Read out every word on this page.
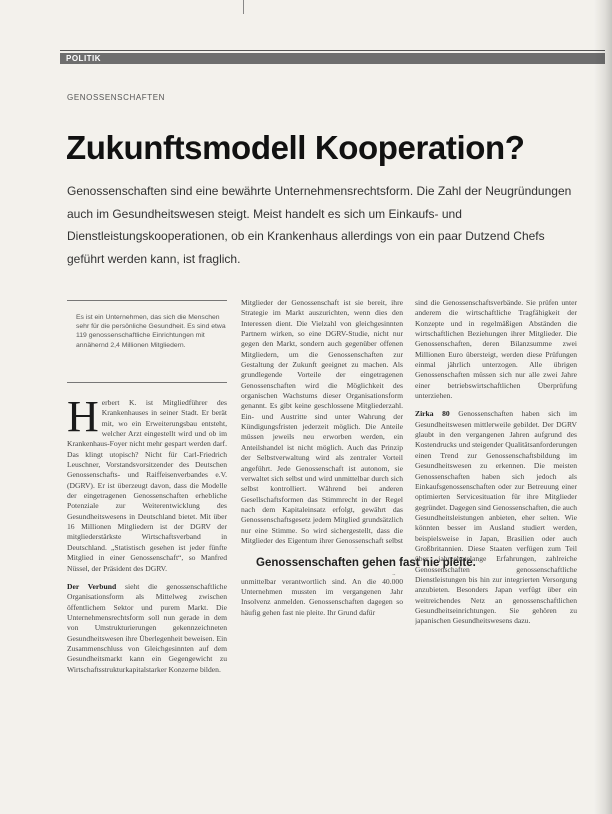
POLITIK
GENOSSENSCHAFTEN
Zukunftsmodell Kooperation?
Genossenschaften sind eine bewährte Unternehmensrechtsform. Die Zahl der Neugründungen auch im Gesundheitswesen steigt. Meist handelt es sich um Einkaufs- und Dienstleistungskooperationen, ob ein Krankenhaus allerdings von ein paar Dutzend Chefs geführt werden kann, ist fraglich.
Es ist ein Unternehmen, das sich die Menschen sehr für die persönliche Gesundheit. Es sind etwa 119 genossenschaftliche Einrichtungen mit annähernd 2,4 Millionen Mitgliedern.

Herbert K. ist Mitgliedführer des Krankenhauses in seiner Stadt. Er berät mit, wo ein Erweiterungsbau entsteht, welcher Arzt eingestellt wird und ob im Krankenhaus-Foyer nicht mehr gespart werden darf. Das klingt utopisch? Nicht für Carl-Friedrich Leuschner, Vorstandsvorsitzender des Deutschen Genossenschafts- und Raiffeisenverbandes e.V. (DGRV). Er ist überzeugt davon, dass die Modelle der eingetragenen Genossenschaften erhebliche Potenziale zur Weiterentwicklung des Gesundheitswesens in Deutschland bietet. Mit über 16 Millionen Mitgliedern ist der DGRV der mitgliederstärkste Wirtschaftsverband in Deutschland. „Statistisch gesehen ist jeder fünfte Mitglied in einer Genossenschaft“, so Manfred Nüssel, der Präsident des DGRV.

Der Verbund sieht die genossenschaftliche Organisationsform als Mittelweg zwischen öffentlichem Sektor und purem Markt. Die Unternehmensrechtsform soll nun gerade in dem von Umstrukturierungen gekennzeichneten Gesundheitswesen ihre Überlegenheit beweisen. Ein Zusammenschluss von Gleichgesinnten auf dem Gesundheitsmarkt kann ein Gegengewicht zu Wirtschaftsstrukturkapitalstarker Konzerne bilden.

Mitglieder der Genossenschaft ist sie bereit, ihre Strategie im Markt auszurichten, wenn dies den Interessen dient. Die Vielzahl von gleichgesinnten Partnern wirken, so eine DGRV-Studie, nicht nur gegen den Markt, sondern auch gegenüber offenen Mitgliedern, um die Genossenschaften zur Gestaltung der Zukunft geeignet zu machen. Als grundlegende Vorteile der eingetragenen Genossenschaften wird die Möglichkeit des organischen Wachstums dieser Organisationsform genannt. Es gibt keine geschlossene Mitgliederzahl. Ein- und Austritte sind unter Wahrung der Kündigungsfristen jederzeit möglich. Die Anteile müssen jeweils neu erworben werden, ein Anteilshandel ist nicht möglich. Auch das Prinzip der Selbstverwaltung wird als zentraler Vorteil angeführt. Jede Genossenschaft ist autonom, sie verwaltet sich selbst und wird unmittelbar durch sich selbst kontrolliert. Während bei anderen Gesellschaftsformen das Stimmrecht in der Regel nach dem Kapitaleinsatz erfolgt, gewährt das Genossenschaftsgesetz jedem Mitglied grundsätzlich nur eine Stimme. So wird sichergestellt, dass die Mitglieder des Eigentum ihrer Genossenschaft selbst

Genossenschaften gehen fast nie pleite.

unmittelbar verantwortlich sind. An die 40.000 Unternehmen mussten im vergangenen Jahr Insolvenz anmelden. Genossenschaften dagegen so häufig gehen fast nie pleite. Ihr Grund dafür

sind die Genossenschaftsverbände. Sie prüfen unter anderem die wirtschaftliche Tragfähigkeit der Konzepte und in regelmäßigen Abständen die wirtschaftlichen Beziehungen ihrer Mitglieder. Die Genossenschaften, deren Bilanzsumme zwei Millionen Euro übersteigt, werden diese Prüfungen einmal jährlich unterzogen. Alle übrigen Genossenschaften müssen sich nur alle zwei Jahre einer betriebswirtschaftlichen Überprüfung unterziehen.

Zirka 80 Genossenschaften haben sich im Gesundheitswesen mittlerweile gebildet. Der DGRV glaubt in den vergangenen Jahren aufgrund des Kostendrucks und steigender Qualitätsanforderungen einen Trend zur Genossenschaftsbildung im Gesundheitswesen zu erkennen. Die meisten Genossenschaften haben sich jedoch als Einkaufsgenossenschaften oder zur Betreuung einer optimierten Servicesituation für ihre Mitglieder gegründet. Dagegen sind Genossenschaften, die auch Gesundheitsleistungen anbieten, eher selten. Wie könnten besser im Ausland studiert werden, beispielsweise in Japan, Brasilien oder auch Großbritannien. Diese Staaten verfügen zum Teil über jahrzehntelange Erfahrungen, zahlreiche Genossenschaften genossenschaftliche Dienstleistungen bis hin zur integrierten Versorgung anzubieten. Besonders Japan verfügt über ein weitreichendes Netz an genossenschaftlichen Gesundheitseinrichtungen. Sie gehören zu japanischen Gesundheitswesens dazu.
